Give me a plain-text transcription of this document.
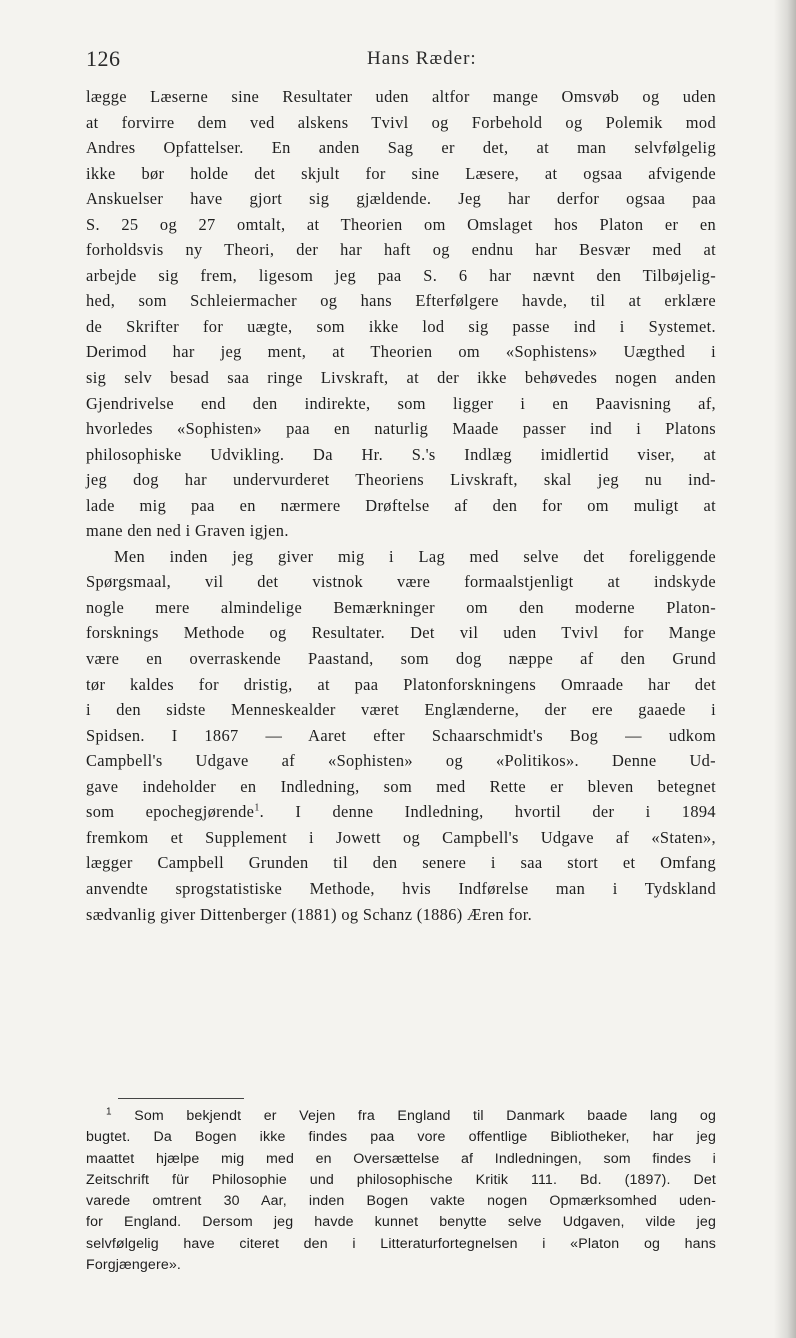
126	Hans Ræder:
lægge Læserne sine Resultater uden altfor mange Omsvøb og uden
at forvirre dem ved alskens Tvivl og Forbehold og Polemik mod
Andres Opfattelser. En anden Sag er det, at man selvfølgelig
ikke bør holde det skjult for sine Læsere, at ogsaa afvigende
Anskuelser have gjort sig gjældende. Jeg har derfor ogsaa paa
S. 25 og 27 omtalt, at Theorien om Omslaget hos Platon er en
forholdsvis ny Theori, der har haft og endnu har Besvær med at
arbejde sig frem, ligesom jeg paa S. 6 har nævnt den Tilbøjelig-
hed, som Schleiermacher og hans Efterfølgere havde, til at erklære
de Skrifter for uægte, som ikke lod sig passe ind i Systemet.
Derimod har jeg ment, at Theorien om «Sophistens» Uægthed i
sig selv besad saa ringe Livskraft, at der ikke behøvedes nogen anden
Gjendrivelse end den indirekte, som ligger i en Paavisning af,
hvorledes «Sophisten» paa en naturlig Maade passer ind i Platons
philosophiske Udvikling. Da Hr. S.'s Indlæg imidlertid viser, at
jeg dog har undervurderet Theoriens Livskraft, skal jeg nu ind-
lade mig paa en nærmere Drøftelse af den for om muligt at
mane den ned i Graven igjen.
Men inden jeg giver mig i Lag med selve det foreliggende
Spørgsmaal, vil det vistnok være formaalstjenligt at indskyde
nogle mere almindelige Bemærkninger om den moderne Platon-
forsknings Methode og Resultater. Det vil uden Tvivl for Mange
være en overraskende Paastand, som dog næppe af den Grund
tør kaldes for dristig, at paa Platonforskningens Omraade har det
i den sidste Menneskealder været Englænderne, der ere gaaede i
Spidsen. I 1867 — Aaret efter Schaarschmidt's Bog — udkom
Campbell's Udgave af «Sophisten» og «Politikos». Denne Ud-
gave indeholder en Indledning, som med Rette er bleven betegnet
som epochegjørende$^1$. I denne Indledning, hvortil der i 1894
fremkom et Supplement i Jowett og Campbell's Udgave af «Staten»,
lægger Campbell Grunden til den senere i saa stort et Omfang
anvendte sprogstatistiske Methode, hvis Indførelse man i Tydskland
sædvanlig giver Dittenberger (1881) og Schanz (1886) Æren for.
$^1$ Som bekjendt er Vejen fra England til Danmark baade lang og
bugtet. Da Bogen ikke findes paa vore offentlige Bibliotheker, har jeg
maattet hjælpe mig med en Oversættelse af Indledningen, som findes i
Zeitschrift für Philosophie und philosophische Kritik 111. Bd. (1897). Det
varede omtrent 30 Aar, inden Bogen vakte nogen Opmærksomhed uden-
for England. Dersom jeg havde kunnet benytte selve Udgaven, vilde jeg
selvfølgelig have citeret den i Litteraturfortegnelsen i «Platon og hans
Forgjængere».
